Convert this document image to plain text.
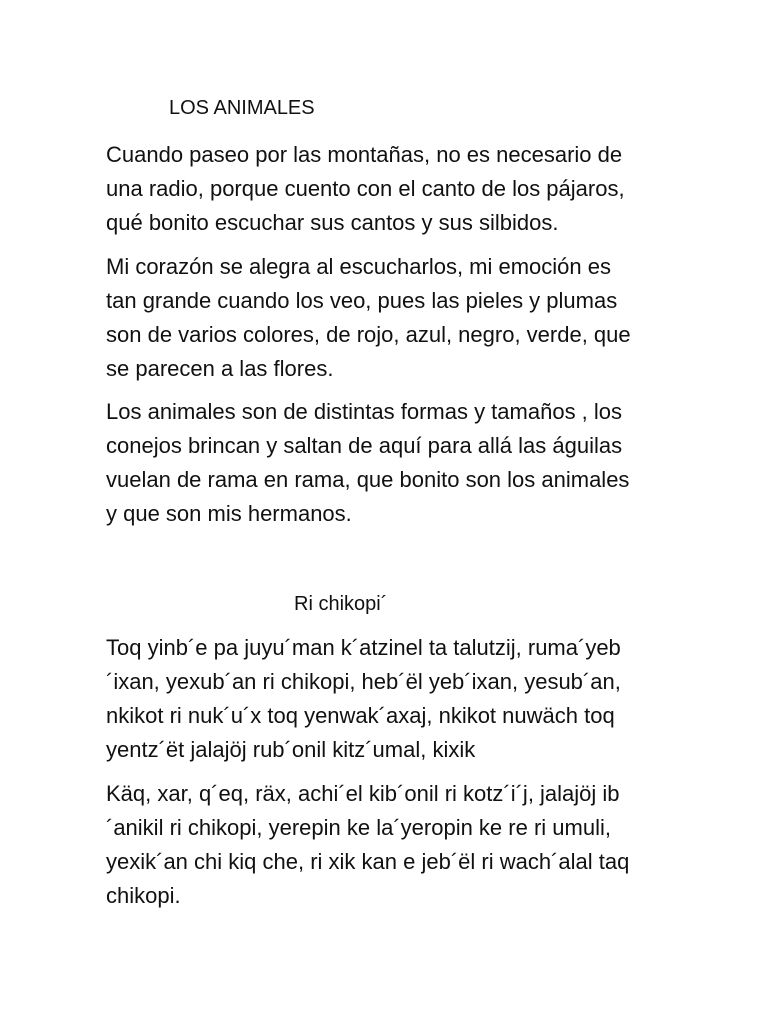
LOS ANIMALES
Cuando paseo por las montañas, no es necesario de
una radio, porque cuento con el canto de los pájaros,
qué bonito escuchar sus cantos y sus silbidos.
Mi corazón se alegra al escucharlos, mi emoción es
tan grande cuando los veo, pues las pieles y plumas
son de varios colores, de rojo, azul, negro, verde, que
se parecen a las flores.
Los animales son de distintas formas y tamaños , los
conejos brincan y saltan de aquí para allá las águilas
vuelan de rama en rama, que bonito son los animales
y que son mis hermanos.
Ri chikopi´
Toq yinb´e pa juyu´man k´atzinel ta talutzij, ruma´yeb
´ixan, yexub´an ri chikopi, heb´ël yeb´ixan, yesub´an,
nkikot ri nuk´u´x toq yenwak´axaj, nkikot nuwäch toq
yentz´ët jalajöj rub´onil kitz´umal, kixik
Käq, xar, q´eq, räx, achi´el kib´onil ri kotz´i´j, jalajöj ib
´anikil ri chikopi, yerepin ke la´yeropin ke re ri umuli,
yexik´an chi kiq che, ri xik kan e jeb´ël ri wach´alal taq
chikopi.
